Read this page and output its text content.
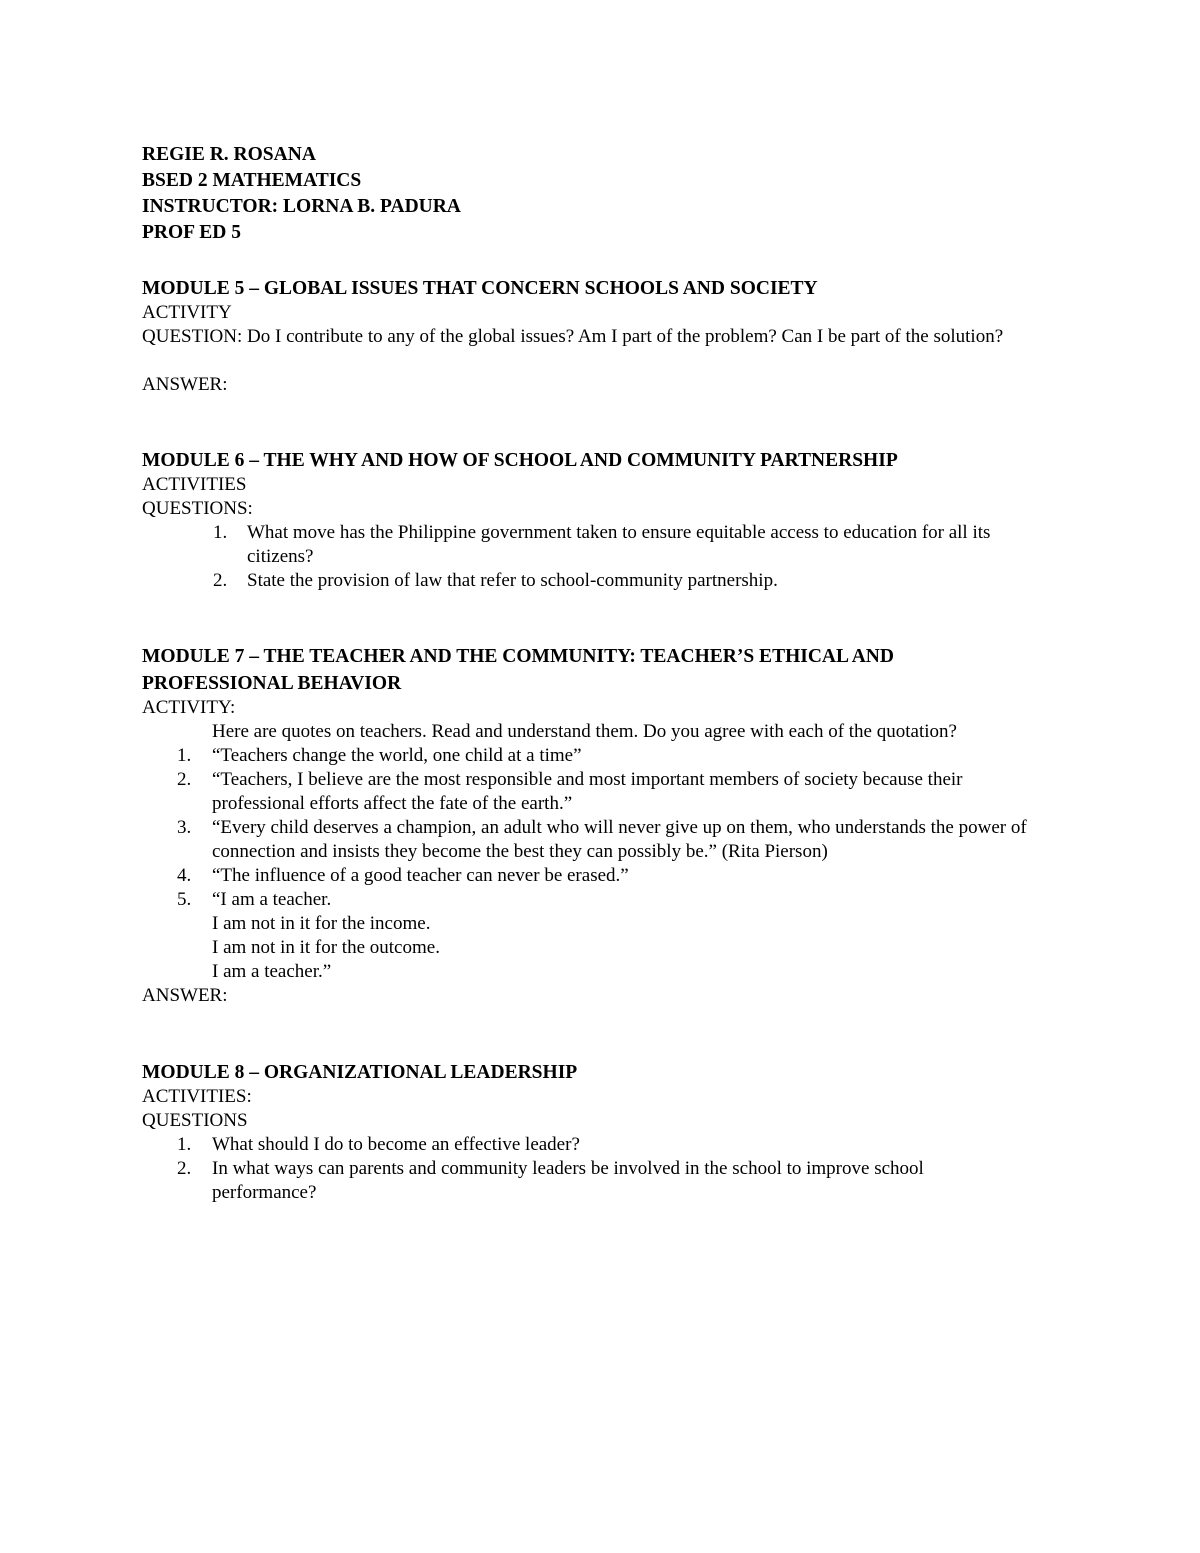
REGIE R. ROSANA
BSED 2 MATHEMATICS
INSTRUCTOR: LORNA B. PADURA
PROF ED 5
MODULE 5 – GLOBAL ISSUES THAT CONCERN SCHOOLS AND SOCIETY
ACTIVITY
QUESTION: Do I contribute to any of the global issues? Am I part of the problem? Can I be part of the solution?
ANSWER:
MODULE 6 – THE WHY AND HOW OF SCHOOL AND COMMUNITY PARTNERSHIP
ACTIVITIES
QUESTIONS:
1. What move has the Philippine government taken to ensure equitable access to education for all its
citizens?
2. State the provision of law that refer to school-community partnership.
MODULE 7 – THE TEACHER AND THE COMMUNITY: TEACHER’S ETHICAL AND
PROFESSIONAL BEHAVIOR
ACTIVITY:
Here are quotes on teachers. Read and understand them. Do you agree with each of the quotation?
1. “Teachers change the world, one child at a time”
2. “Teachers, I believe are the most responsible and most important members of society because their
professional efforts affect the fate of the earth.”
3. “Every child deserves a champion, an adult who will never give up on them, who understands the power of
connection and insists they become the best they can possibly be.” (Rita Pierson)
4. “The influence of a good teacher can never be erased.”
5. “I am a teacher.
I am not in it for the income.
I am not in it for the outcome.
I am a teacher.”
ANSWER:
MODULE 8 – ORGANIZATIONAL LEADERSHIP
ACTIVITIES:
QUESTIONS
1. What should I do to become an effective leader?
2. In what ways can parents and community leaders be involved in the school to improve school
performance?
